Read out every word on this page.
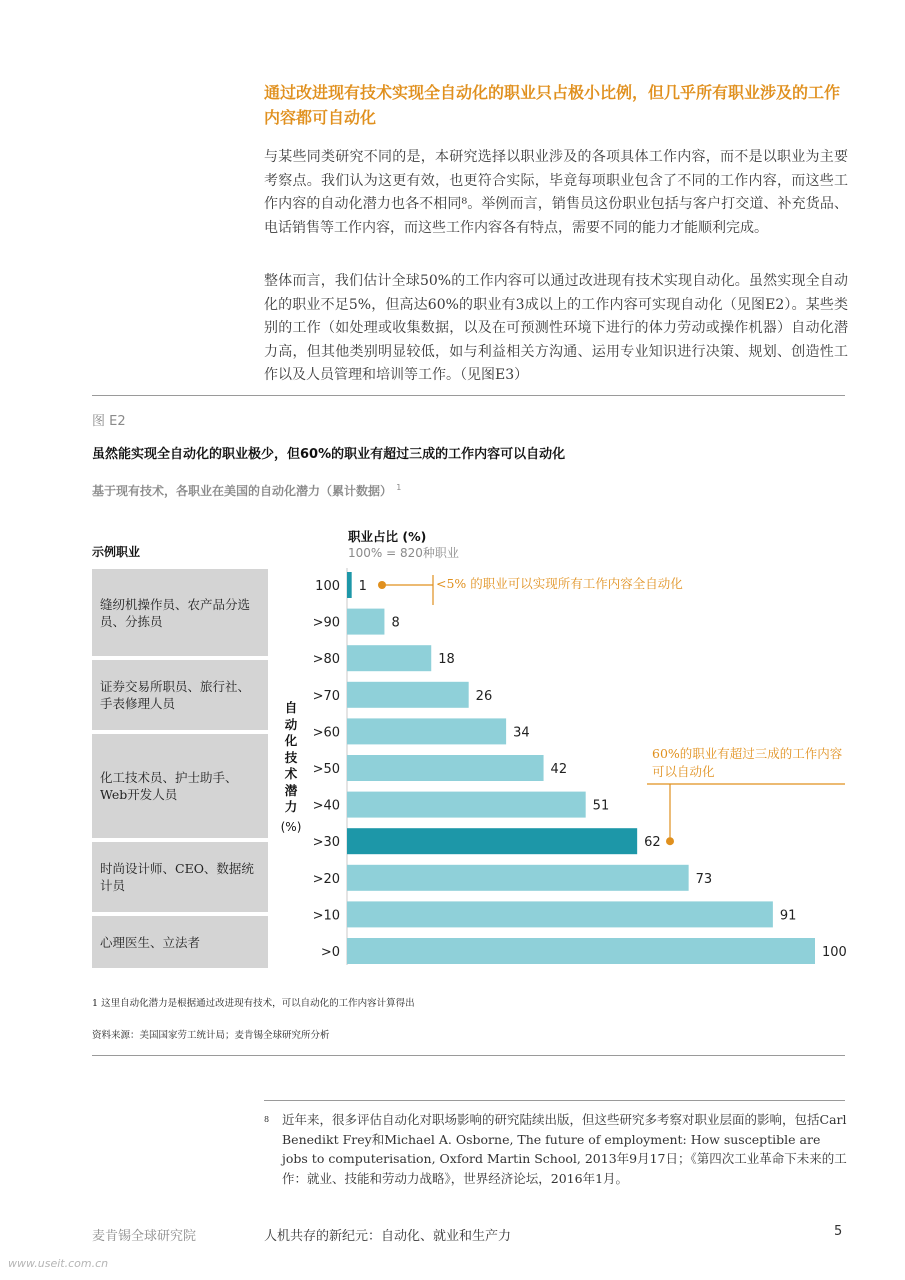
通过改进现有技术实现全自动化的职业只占极小比例，但几乎所有职业涉及的工作内容都可自动化

与某些同类研究不同的是，本研究选择以职业涉及的各项具体工作内容，而不是以职业为主要考察点。我们认为这更有效，也更符合实际，毕竟每项职业包含了不同的工作内容，而这些工作内容的自动化潜力也各不相同⁸。举例而言，销售员这份职业包括与客户打交道、补充货品、电话销售等工作内容，而这些工作内容各有特点，需要不同的能力才能顺利完成。

整体而言，我们估计全球50%的工作内容可以通过改进现有技术实现自动化。虽然实现全自动化的职业不足5%，但高达60%的职业有3成以上的工作内容可实现自动化（见图E2）。某些类别的工作（如处理或收集数据，以及在可预测性环境下进行的体力劳动或操作机器）自动化潜力高，但其他类别明显较低，如与利益相关方沟通、运用专业知识进行决策、规划、创造性工作以及人员管理和培训等工作。（见图E3）

图 E2
虽然能实现全自动化的职业极少，但60%的职业有超过三成的工作内容可以自动化
基于现有技术，各职业在美国的自动化潜力（累计数据） $^1$
示例职业
缝纫机操作员、农产品分选员、分拣员
证券交易所职员、旅行社、手表修理人员
化工技术员、护士助手、Web开发人员
时尚设计师、CEO、数据统计员
心理医生、立法者
职业占比 (%)
100% = 820种职业
自动化技术潜力
(%)
100 1
>90	8
>80	18
>70	26
>60	34
>50	42
>40	51
>30	62
>20	73
>10	91
>0	100
<5% 的职业可以实现所有工作内容全自动化
60%的职业有超过三成的工作内容可以自动化
1 这里自动化潜力是根据通过改进现有技术，可以自动化的工作内容计算得出
资料来源：美国国家劳工统计局；麦肯锡全球研究所分析
8 近年来，很多评估自动化对职场影响的研究陆续出版，但这些研究多考察对职业层面的影响，包括Carl Benedikt Frey和Michael A. Osborne, The future of employment: How susceptible are jobs to computerisation, Oxford Martin School, 2013年9月17日；《第四次工业革命下未来的工作：就业、技能和劳动力战略》，世界经济论坛，2016年1月。
麦肯锡全球研究院	人机共存的新纪元：自动化、就业和生产力	5
www.useit.com.cn
